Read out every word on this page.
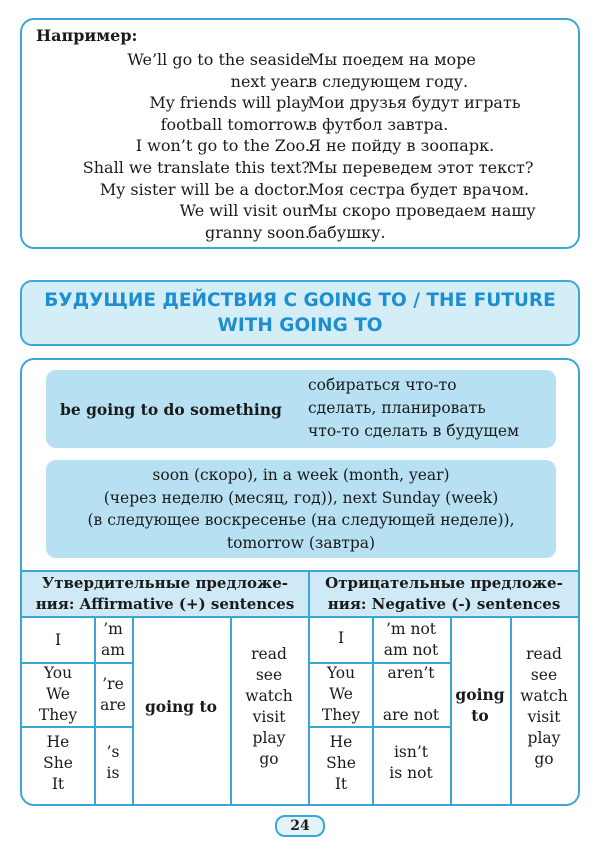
Например:
We’ll go to the seaside
Мы поедем на море
next year.
в следующем году.
My friends will play
Мои друзья будут играть
football tomorrow.
в футбол завтра.
I won’t go to the Zoo.
Я не пойду в зоопарк.
Shall we translate this text?
Мы переведем этот текст?
My sister will be a doctor.
Моя сестра будет врачом.
We will visit our
Мы скоро проведаем нашу
granny soon.
бабушку.
БУДУЩИЕ ДЕЙСТВИЯ С GOING TO / THE FUTURE
WITH GOING TO
be going to do something
собираться что-то
сделать, планировать
что-то сделать в будущем
soon (скоро), in a week (month, year)
(через неделю (месяц, год)), next Sunday (week)
(в следующее воскресенье (на следующей неделе)),
tomorrow (завтра)
Утвердительные предложе-
ния: Affirmative (+) sentences
Отрицательные предложе-
ния: Negative (-) sentences
I
You
We
They
He
She
It
’m
am
’re
are
’s
is
going to
read
see
watch
visit
play
go
I
You
We
They
He
She
It
’m not
am not
aren’t

are not
isn’t
is not
going
to
read
see
watch
visit
play
go
24
